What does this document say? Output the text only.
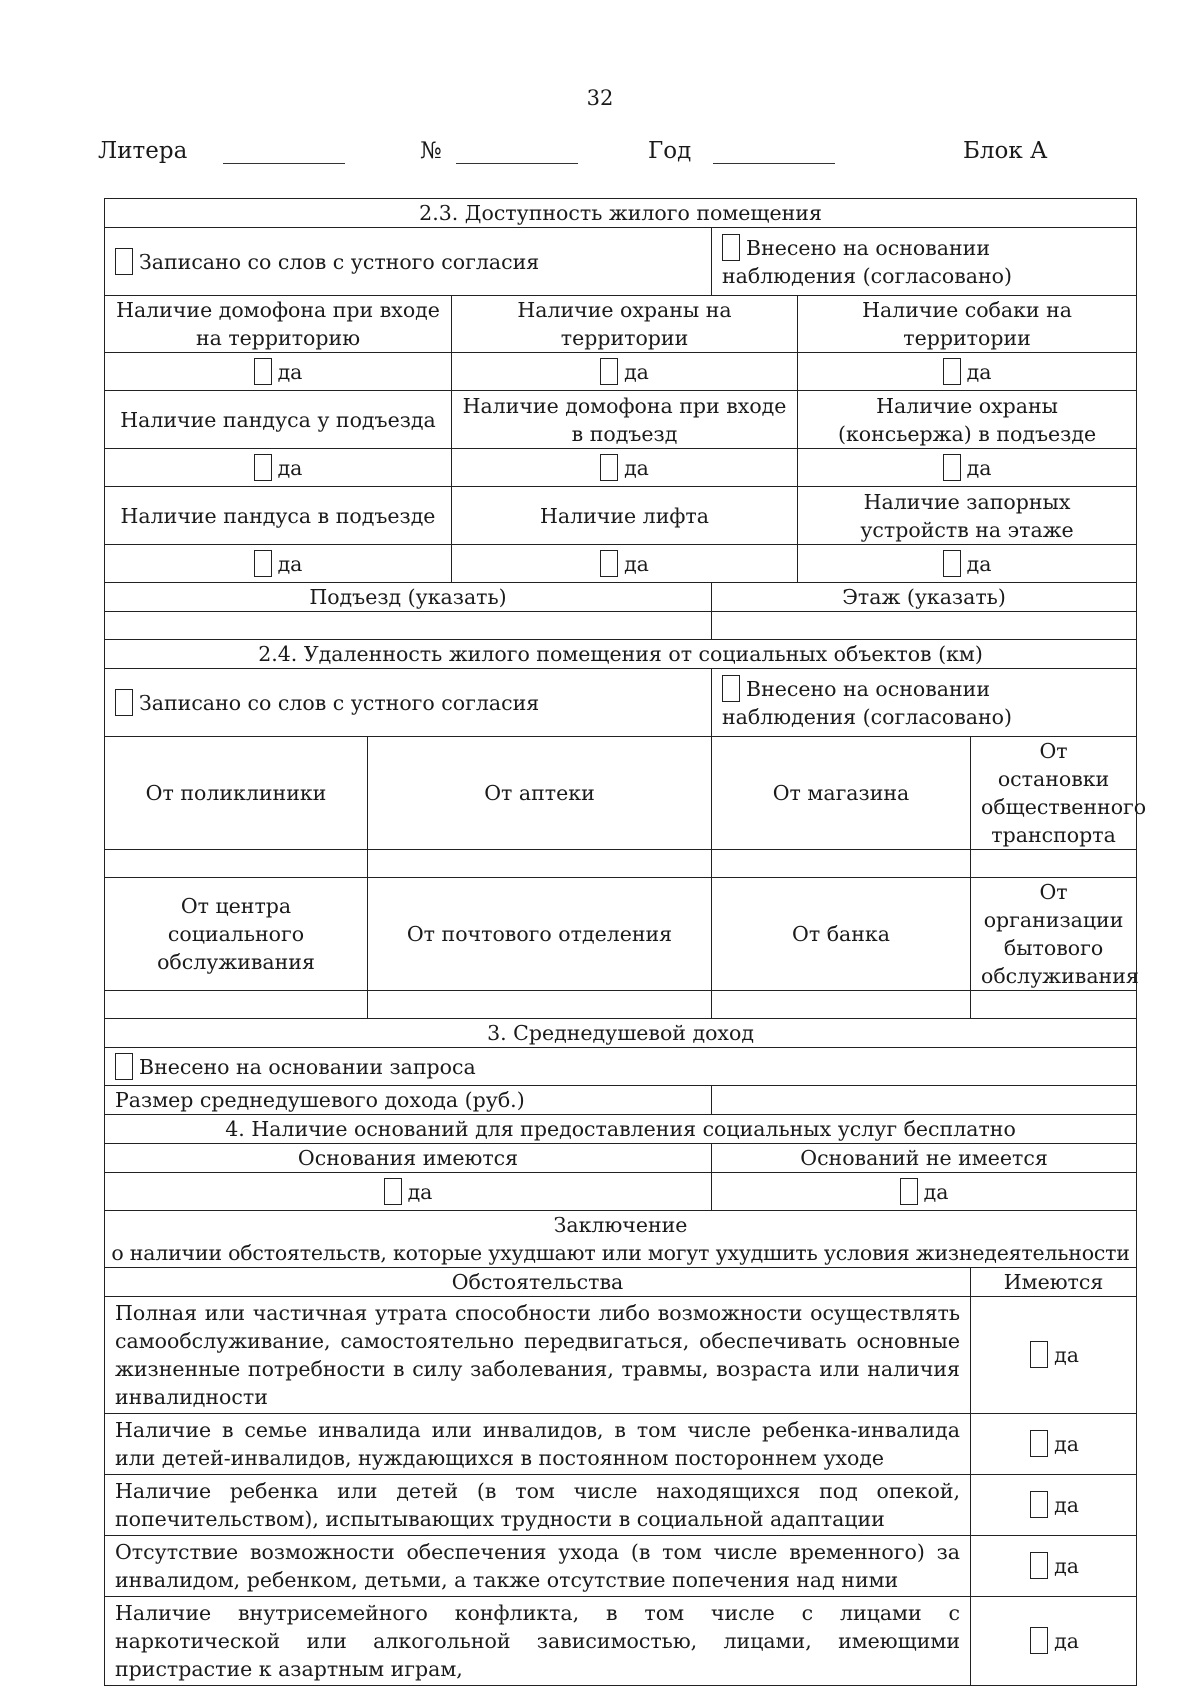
32
Литера	№	Год	Блок А
2.3. Доступность жилого помещения					
Записано со слов с устного согласия			Внесено на основании наблюдения (согласовано)		
Наличие домофона при входе на территорию		Наличие охраны на территории		Наличие собаки на территории	
да		да		да	
Наличие пандуса у подъезда		Наличие домофона при входе в подъезд		Наличие охраны (консьержа) в подъезде	
да		да		да	
Наличие пандуса в подъезде		Наличие лифта		Наличие запорных устройств на этаже	
да		да		да	
Подъезд (указать)			Этаж (указать)		

2.4. Удаленность жилого помещения от социальных объектов (км)					
Записано со слов с устного согласия			Внесено на основании наблюдения (согласовано)		
От поликлиники	От аптеки		От магазина		От остановки общественного транспорта

От центра социального обслуживания	От почтового отделения		От банка		От организации бытового обслуживания

3. Среднедушевой доход					
Внесено на основании запроса					
Размер среднедушевого дохода (руб.)					
4. Наличие оснований для предоставления социальных услуг бесплатно					
Основания имеются			Оснований не имеется		
да			да		

Заключение
о наличии обстоятельств, которые ухудшают или могут ухудшить условия жизнедеятельности					

Обстоятельства					Имеются
Полная или частичная утрата способности либо возможности осуществлять самообслуживание, самостоятельно передвигаться, обеспечивать основные жизненные потребности в силу заболевания, травмы, возраста или наличия инвалидности					да
Наличие в семье инвалида или инвалидов, в том числе ребенка-инвалида или детей-инвалидов, нуждающихся в постоянном постороннем уходе					да
Наличие ребенка или детей (в том числе находящихся под опекой, попечительством), испытывающих трудности в социальной адаптации					да
Отсутствие возможности обеспечения ухода (в том числе временного) за инвалидом, ребенком, детьми, а также отсутствие попечения над ними					да
Наличие внутрисемейного конфликта, в том числе с лицами с наркотической или алкогольной зависимостью, лицами, имеющими пристрастие к азартным играм,					да
